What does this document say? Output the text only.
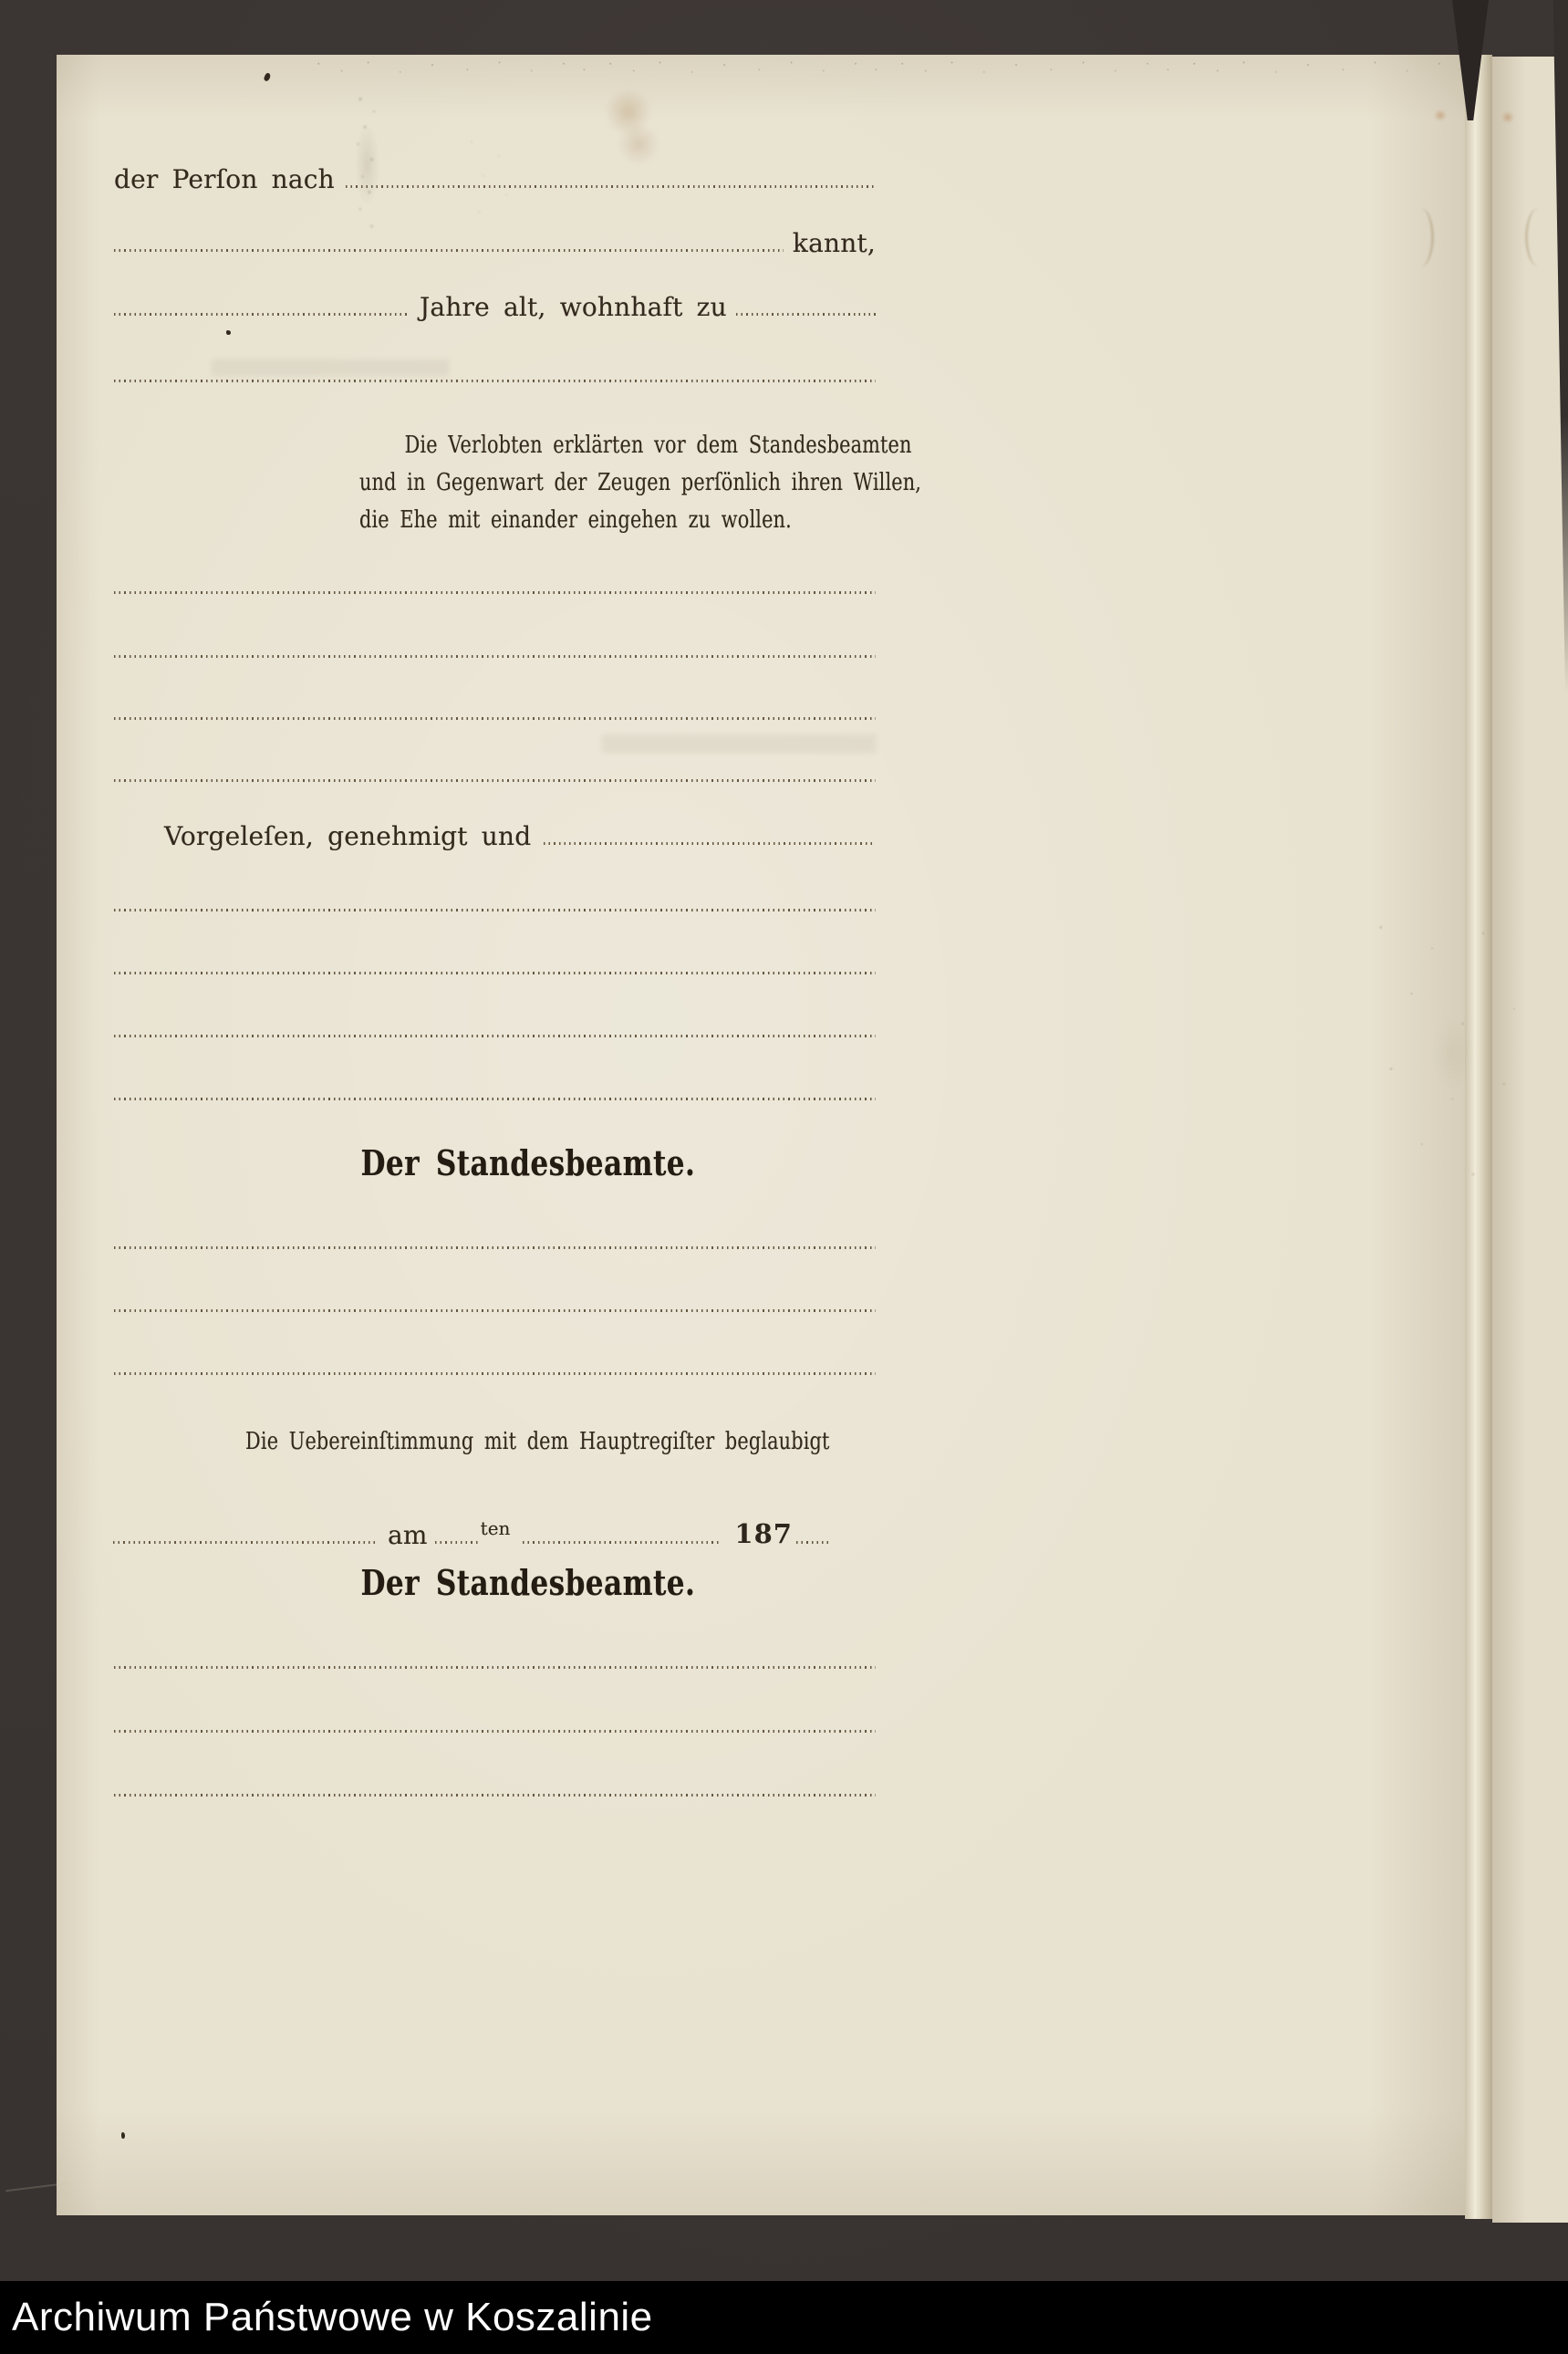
der Perſon nach
kannt,
Jahre alt, wohnhaft zu
Die Verlobten erklärten vor dem Standesbeamten
und in Gegenwart der Zeugen perſönlich ihren Willen,
die Ehe mit einander eingehen zu wollen.
Vorgeleſen, genehmigt und
Der Standesbeamte.
Die Uebereinſtimmung mit dem Hauptregiſter beglaubigt
am	ten	187
Der Standesbeamte.
Archiwum Państwowe w Koszalinie
